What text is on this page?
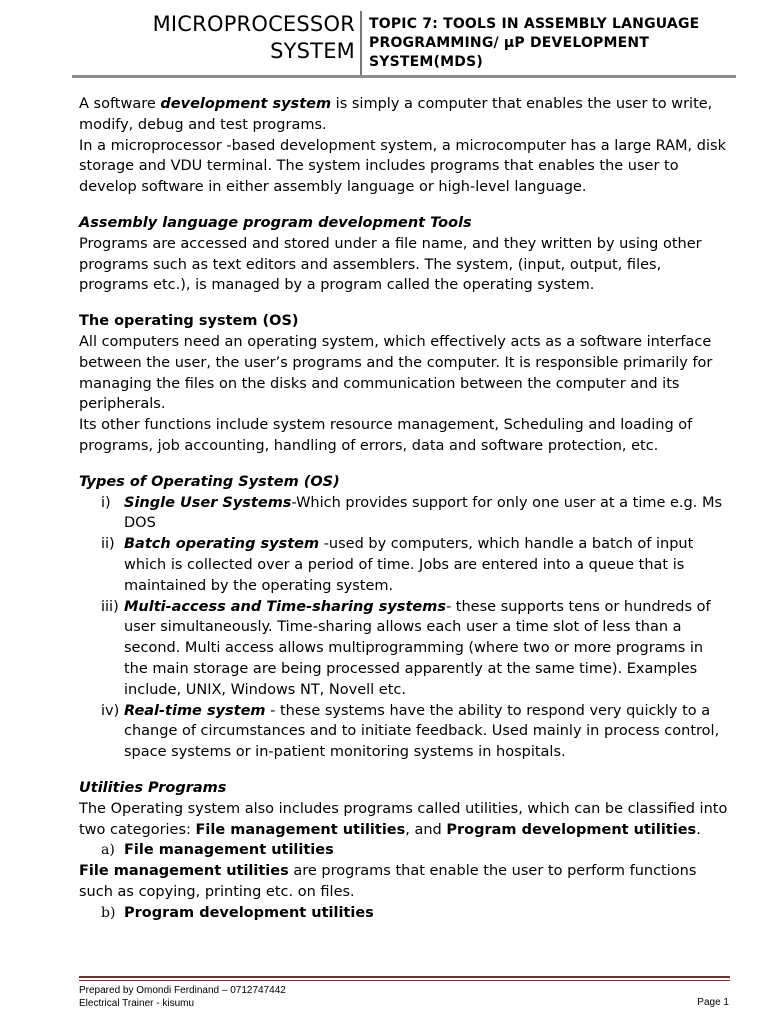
MICROPROCESSOR
SYSTEM
TOPIC 7: TOOLS IN ASSEMBLY LANGUAGE PROGRAMMING/ µP DEVELOPMENT SYSTEM(MDS)

A software development system is simply a computer that enables the user to write, modify, debug and test programs.

In a microprocessor -based development system, a microcomputer has a large RAM, disk storage and VDU terminal. The system includes programs that enables the user to develop software in either assembly language or high-level language.

Assembly language program development Tools

Programs are accessed and stored under a file name, and they written by using other programs such as text editors and assemblers. The system, (input, output, files, programs etc.), is managed by a program called the operating system.

The operating system (OS)

All computers need an operating system, which effectively acts as a software interface between the user, the user’s programs and the computer. It is responsible primarily for managing the files on the disks and communication between the computer and its peripherals.

Its other functions include system resource management, Scheduling and loading of programs, job accounting, handling of errors, data and software protection, etc.

Types of Operating System (OS)

i) Single User Systems-Which provides support for only one user at a time e.g. Ms DOS
ii) Batch operating system -used by computers, which handle a batch of input which is collected over a period of time. Jobs are entered into a queue that is maintained by the operating system.
iii) Multi-access and Time-sharing systems- these supports tens or hundreds of user simultaneously. Time-sharing allows each user a time slot of less than a second. Multi access allows multiprogramming (where two or more programs in the main storage are being processed apparently at the same time). Examples include, UNIX, Windows NT, Novell etc.
iv) Real-time system - these systems have the ability to respond very quickly to a change of circumstances and to initiate feedback. Used mainly in process control, space systems or in-patient monitoring systems in hospitals.

Utilities Programs

The Operating system also includes programs called utilities, which can be classified into two categories: File management utilities, and Program development utilities.

a) File management utilities

File management utilities are programs that enable the user to perform functions such as copying, printing etc. on files.

b) Program development utilities
Prepared by Omondi Ferdinand – 0712747442
Electrical Trainer - kisumu	Page 1
